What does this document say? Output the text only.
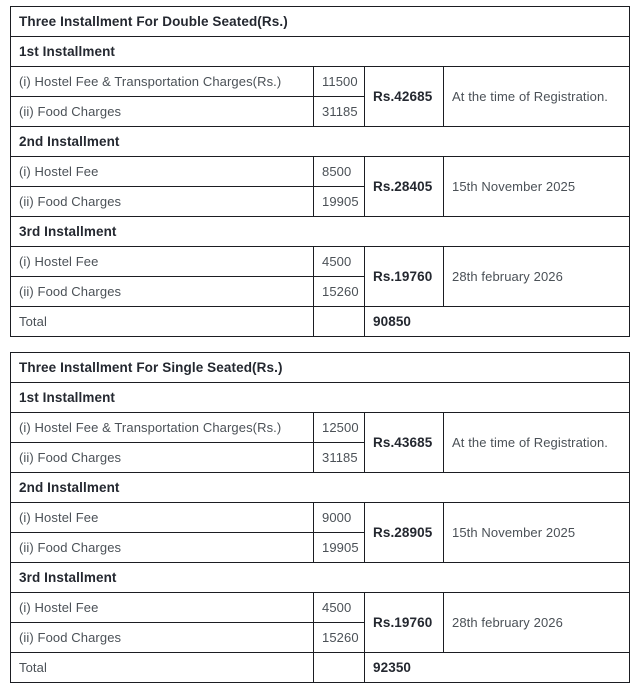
Three Installment For Double Seated(Rs.)			
1st Installment			
(i) Hostel Fee & Transportation Charges(Rs.)	11500	Rs.42685	At the time of Registration.
(ii) Food Charges	31185		
2nd Installment			
(i) Hostel Fee	8500	Rs.28405	15th November 2025
(ii) Food Charges	19905		
3rd Installment			
(i) Hostel Fee	4500	Rs.19760	28th february 2026
(ii) Food Charges	15260		
Total		90850	
Three Installment For Single Seated(Rs.)			
1st Installment			
(i) Hostel Fee & Transportation Charges(Rs.)	12500	Rs.43685	At the time of Registration.
(ii) Food Charges	31185		
2nd Installment			
(i) Hostel Fee	9000	Rs.28905	15th November 2025
(ii) Food Charges	19905		
3rd Installment			
(i) Hostel Fee	4500	Rs.19760	28th february 2026
(ii) Food Charges	15260		
Total		92350	
